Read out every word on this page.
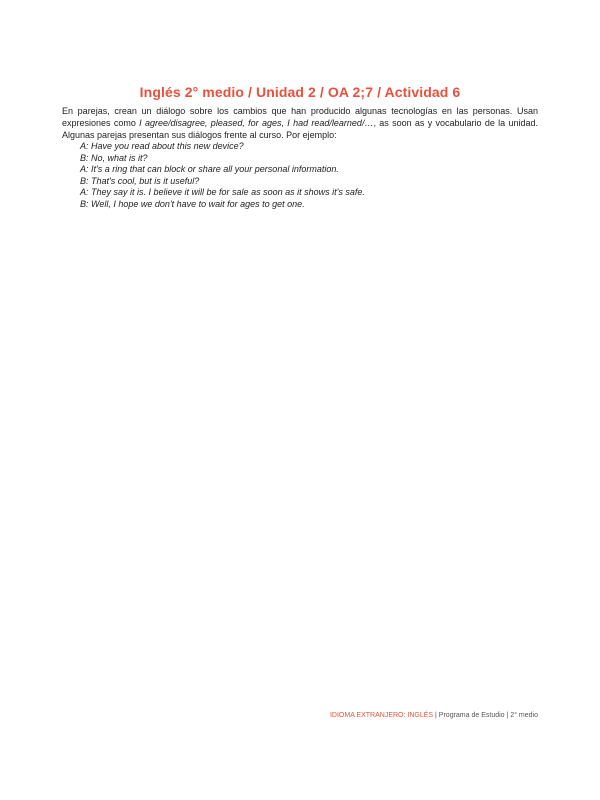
Inglés 2° medio / Unidad 2 / OA 2;7 / Actividad 6

En parejas, crean un diálogo sobre los cambios que han producido algunas tecnologías en las personas. Usan expresiones como I agree/disagree, pleased, for ages, I had read/learned/…, as soon as y vocabulario de la unidad. Algunas parejas presentan sus diálogos frente al curso. Por ejemplo:

A: Have you read about this new device?
B: No, what is it?
A: It's a ring that can block or share all your personal information.
B: That's cool, but is it useful?
A: They say it is. I believe it will be for sale as soon as it shows it's safe.
B: Well, I hope we don't have to wait for ages to get one.
IDIOMA EXTRANJERO: INGLÉS | Programa de Estudio | 2° medio
